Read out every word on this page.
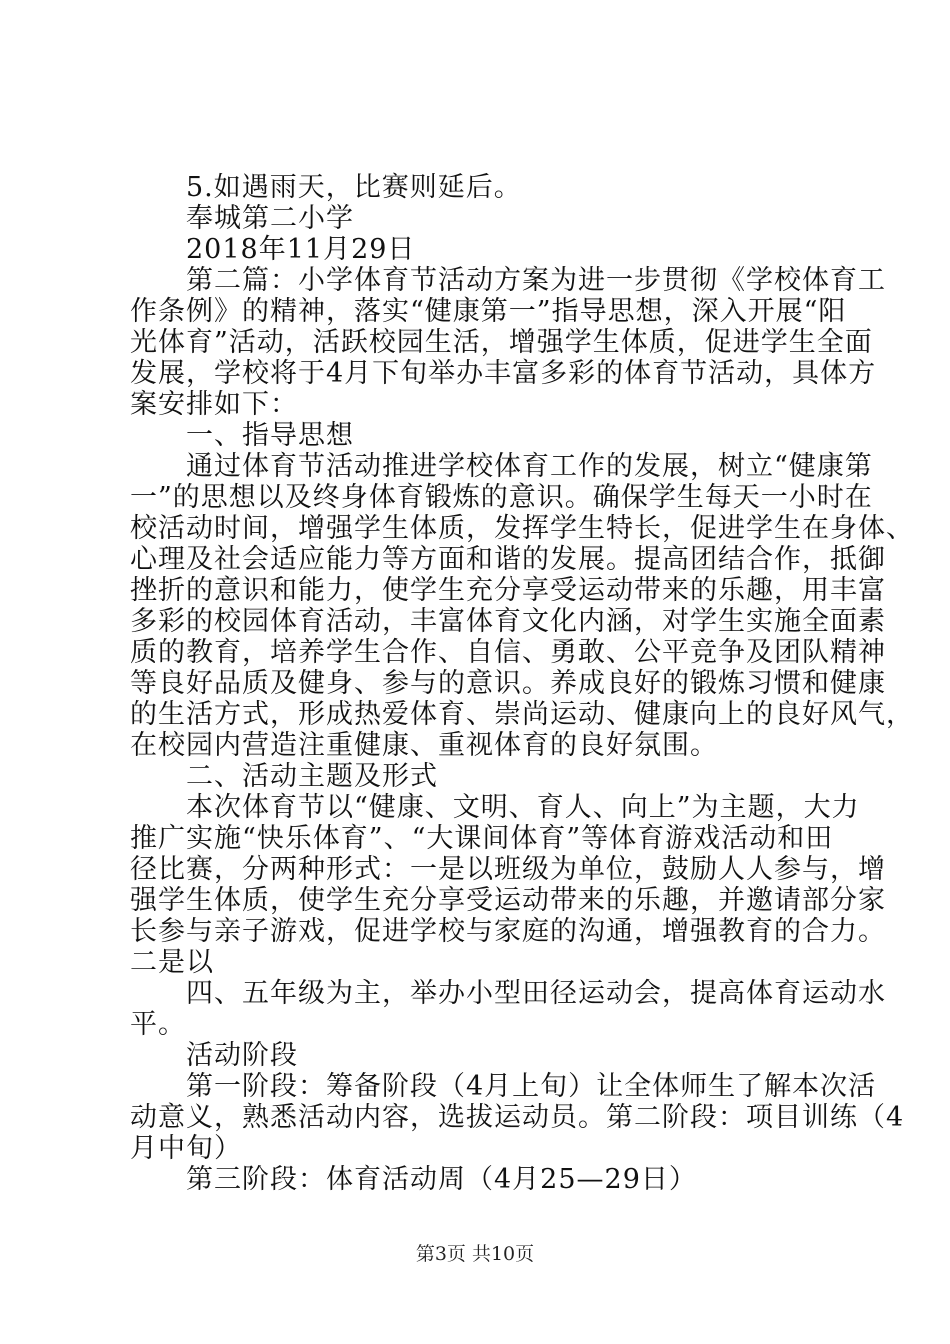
　　5.如遇雨天，比赛则延后。
　　奉城第二小学
　　2018年11月29日
　　第二篇：小学体育节活动方案为进一步贯彻《学校体育工
作条例》的精神，落实“健康第一”指导思想，深入开展“阳
光体育”活动，活跃校园生活，增强学生体质，促进学生全面
发展，学校将于4月下旬举办丰富多彩的体育节活动，具体方
案安排如下：
　　一、指导思想
　　通过体育节活动推进学校体育工作的发展，树立“健康第
一”的思想以及终身体育锻炼的意识。确保学生每天一小时在
校活动时间，增强学生体质，发挥学生特长，促进学生在身体、
心理及社会适应能力等方面和谐的发展。提高团结合作，抵御
挫折的意识和能力，使学生充分享受运动带来的乐趣，用丰富
多彩的校园体育活动，丰富体育文化内涵，对学生实施全面素
质的教育，培养学生合作、自信、勇敢、公平竞争及团队精神
等良好品质及健身、参与的意识。养成良好的锻炼习惯和健康
的生活方式，形成热爱体育、崇尚运动、健康向上的良好风气，
在校园内营造注重健康、重视体育的良好氛围。
　　二、活动主题及形式
　　本次体育节以“健康、文明、育人、向上”为主题，大力
推广实施“快乐体育”、“大课间体育”等体育游戏活动和田
径比赛，分两种形式：一是以班级为单位，鼓励人人参与，增
强学生体质，使学生充分享受运动带来的乐趣，并邀请部分家
长参与亲子游戏，促进学校与家庭的沟通，增强教育的合力。
二是以
　　四、五年级为主，举办小型田径运动会，提高体育运动水
平。
　　活动阶段
　　第一阶段：筹备阶段（4月上旬）让全体师生了解本次活
动意义，熟悉活动内容，选拔运动员。第二阶段：项目训练（4
月中旬）
　　第三阶段：体育活动周（4月25—29日）
第3页 共10页
